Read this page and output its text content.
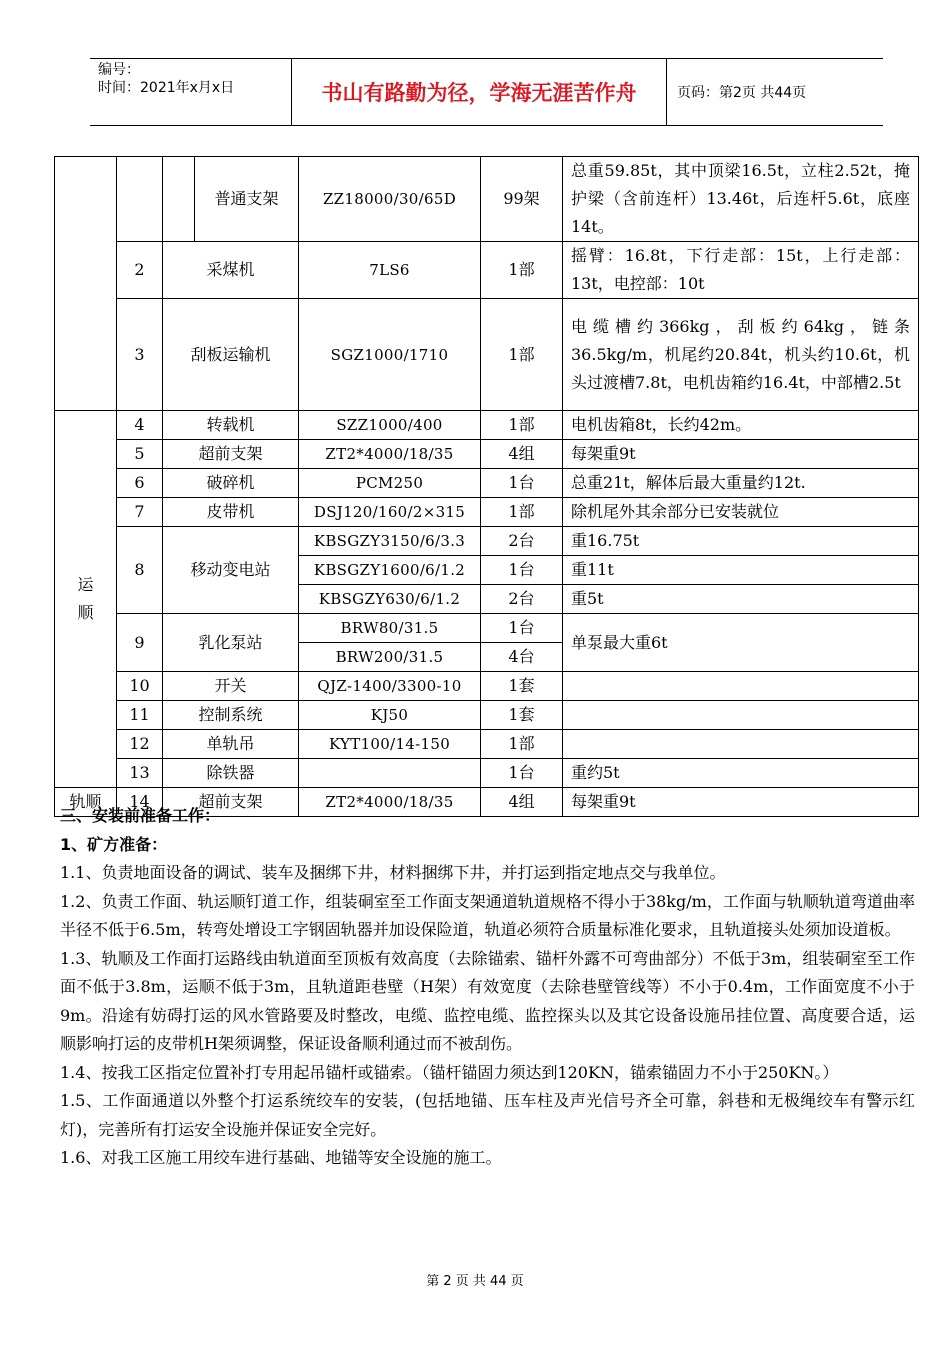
编号：
时间：2021年x月x日	书山有路勤为径，学海无涯苦作舟	页码：第2页 共44页
			普通支架	ZZ18000/30/65D	99架	总重59.85t，其中顶梁16.5t，立柱2.52t，掩护梁（含前连杆）13.46t，后连杆5.6t，底座14t。
	2	采煤机		7LS6	1部	摇臂：16.8t，下行走部：15t，上行走部：13t，电控部：10t
	3	刮板运输机		SGZ1000/1710	1部	电缆槽约366kg，刮板约64kg，链条36.5kg/m，机尾约20.84t，机头约10.6t，机头过渡槽7.8t，电机齿箱约16.4t，中部槽2.5t
运
顺	4	转载机		SZZ1000/400	1部	电机齿箱8t，长约42m。
	5	超前支架		ZT2*4000/18/35	4组	每架重9t
	6	破碎机		PCM250	1台	总重21t，解体后最大重量约12t.
	7	皮带机		DSJ120/160/2×315	1部	除机尾外其余部分已安装就位
	8	移动变电站		KBSGZY3150/6/3.3	2台	重16.75t
				KBSGZY1600/6/1.2	1台	重11t
				KBSGZY630/6/1.2	2台	重5t
	9	乳化泵站		BRW80/31.5	1台	单泵最大重6t
				BRW200/31.5	4台	
	10	开关		QJZ-1400/3300-10	1套	
	11	控制系统		KJ50	1套	
	12	单轨吊		KYT100/14-150	1部	
	13	除铁器			1台	重约5t
轨顺	14	超前支架		ZT2*4000/18/35	4组	每架重9t

三、安装前准备工作：

1、矿方准备：

1.1、负责地面设备的调试、装车及捆绑下井，材料捆绑下井，并打运到指定地点交与我单位。

1.2、负责工作面、轨运顺钉道工作，组装硐室至工作面支架通道轨道规格不得小于38kg/m，工作面与轨顺轨道弯道曲率半径不低于6.5m，转弯处增设工字钢固轨器并加设保险道，轨道必须符合质量标准化要求，且轨道接头处须加设道板。

1.3、轨顺及工作面打运路线由轨道面至顶板有效高度（去除锚索、锚杆外露不可弯曲部分）不低于3m，组装硐室至工作面不低于3.8m，运顺不低于3m，且轨道距巷壁（H架）有效宽度（去除巷壁管线等）不小于0.4m，工作面宽度不小于9m。沿途有妨碍打运的风水管路要及时整改，电缆、监控电缆、监控探头以及其它设备设施吊挂位置、高度要合适，运顺影响打运的皮带机H架须调整，保证设备顺利通过而不被刮伤。

1.4、按我工区指定位置补打专用起吊锚杆或锚索。（锚杆锚固力须达到120KN，锚索锚固力不小于250KN。）

1.5、工作面通道以外整个打运系统绞车的安装，(包括地锚、压车柱及声光信号齐全可靠，斜巷和无极绳绞车有警示红灯)，完善所有打运安全设施并保证安全完好。

1.6、对我工区施工用绞车进行基础、地锚等安全设施的施工。

第 2 页 共 44 页
